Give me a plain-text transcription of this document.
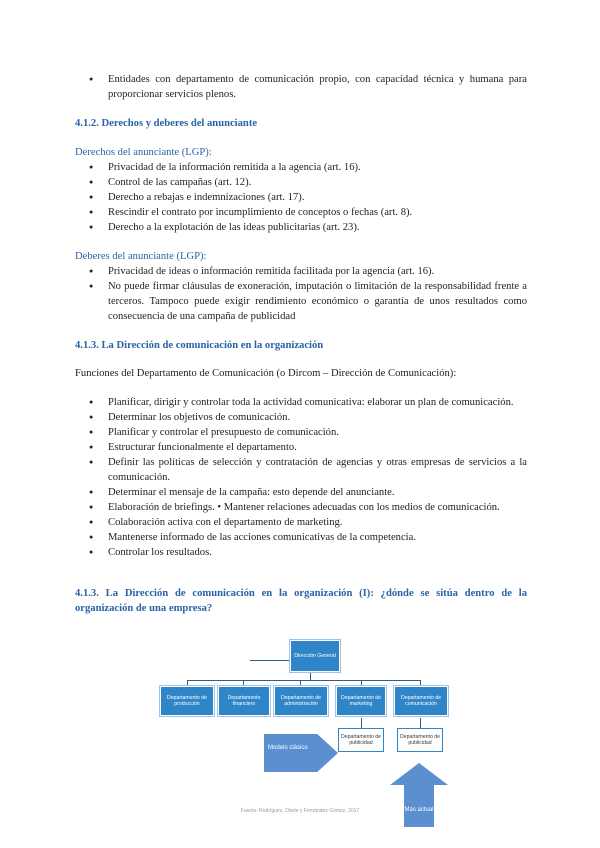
● Entidades con departamento de comunicación propio, con capacidad técnica y humana para proporcionar servicios plenos.
4.1.2. Derechos y deberes del anunciante
Derechos del anunciante (LGP):
● Privacidad de la información remitida a la agencia (art. 16).
● Control de las campañas (art. 12).
● Derecho a rebajas e indemnizaciones (art. 17).
● Rescindir el contrato por incumplimiento de conceptos o fechas (art. 8).
● Derecho a la explotación de las ideas publicitarias (art. 23).
Deberes del anunciante (LGP):
● Privacidad de ideas o información remitida facilitada por la agencia (art. 16).
● No puede firmar cláusulas de exoneración, imputación o limitación de la responsabilidad frente a terceros. Tampoco puede exigir rendimiento económico o garantía de unos resultados como consecuencia de una campaña de publicidad
4.1.3. La Dirección de comunicación en la organización
Funciones del Departamento de Comunicación (o Dircom – Dirección de Comunicación):
● Planificar, dirigir y controlar toda la actividad comunicativa: elaborar un plan de comunicación.
● Determinar los objetivos de comunicación.
● Planificar y controlar el presupuesto de comunicación.
● Estructurar funcionalmente el departamento.
● Definir las políticas de selección y contratación de agencias y otras empresas de servicios a la comunicación.
● Determinar el mensaje de la campaña: esto depende del anunciante.
● Elaboración de briefings. • Mantener relaciones adecuadas con los medios de comunicación.
● Colaboración activa con el departamento de marketing.
● Mantenerse informado de las acciones comunicativas de la competencia.
● Controlar los resultados.
4.1.3. La Dirección de comunicación en la organización (I): ¿dónde se sitúa dentro de la organización de una empresa?
Dirección General
Departamento de producción
Departamento financiero
Departamento de administración
Departamento de marketing
Departamento de comunicación
Departamento de publicidad
Departamento de publicidad
Modelo clásico
Más actual
Fuente: Rodríguez, Olarte y Fernández Gómez, 2017
